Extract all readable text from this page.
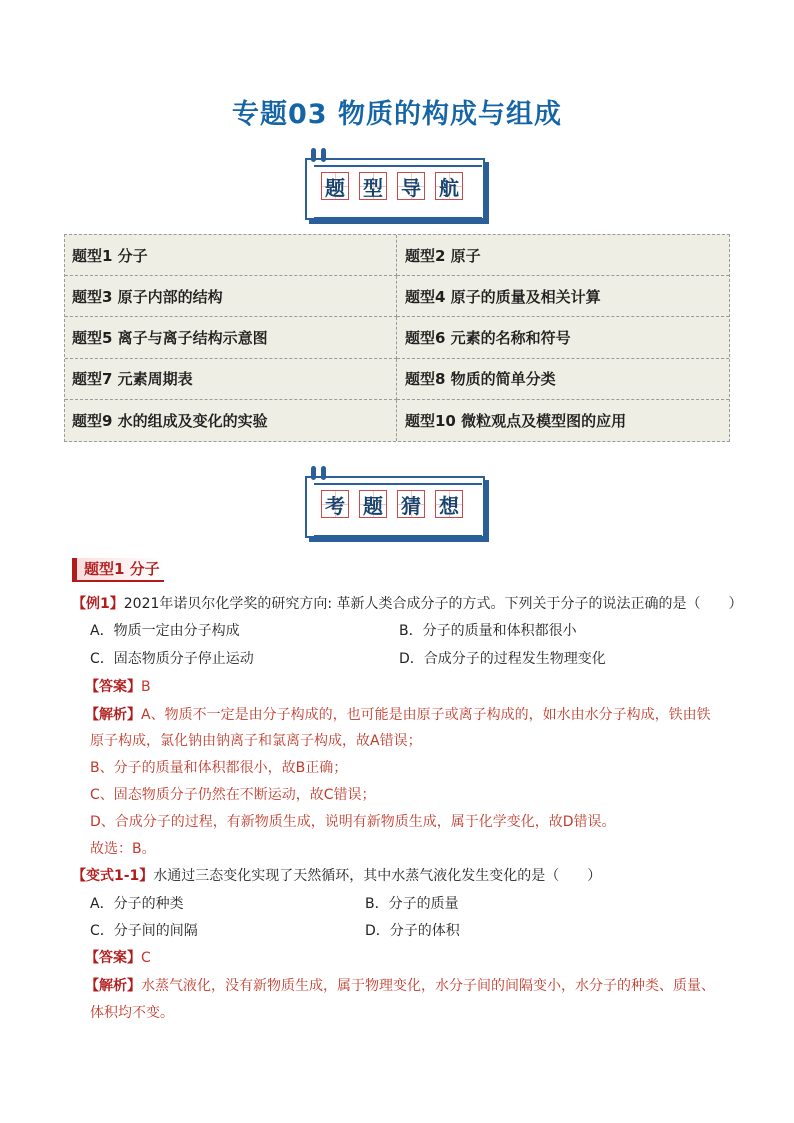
专题03 物质的构成与组成
题 型 导 航
题型1 分子	题型2 原子
题型3 原子内部的结构	题型4 原子的质量及相关计算
题型5 离子与离子结构示意图	题型6 元素的名称和符号
题型7 元素周期表	题型8 物质的简单分类
题型9 水的组成及变化的实验	题型10 微粒观点及模型图的应用
考 题 猜 想
题型1 分子
【例1】2021年诺贝尔化学奖的研究方向: 革新人类合成分子的方式。下列关于分子的说法正确的是（　　）
A．物质一定由分子构成	B．分子的质量和体积都很小
C．固态物质分子停止运动	D．合成分子的过程发生物理变化
【答案】B
【解析】A、物质不一定是由分子构成的，也可能是由原子或离子构成的，如水由水分子构成，铁由铁
原子构成，氯化钠由钠离子和氯离子构成，故A错误；
B、分子的质量和体积都很小，故B正确；
C、固态物质分子仍然在不断运动，故C错误；
D、合成分子的过程，有新物质生成，说明有新物质生成，属于化学变化，故D错误。
故选：B。
【变式1-1】水通过三态变化实现了天然循环，其中水蒸气液化发生变化的是（　　）
A．分子的种类	B．分子的质量
C．分子间的间隔	D．分子的体积
【答案】C
【解析】水蒸气液化，没有新物质生成，属于物理变化，水分子间的间隔变小，水分子的种类、质量、
体积均不变。
